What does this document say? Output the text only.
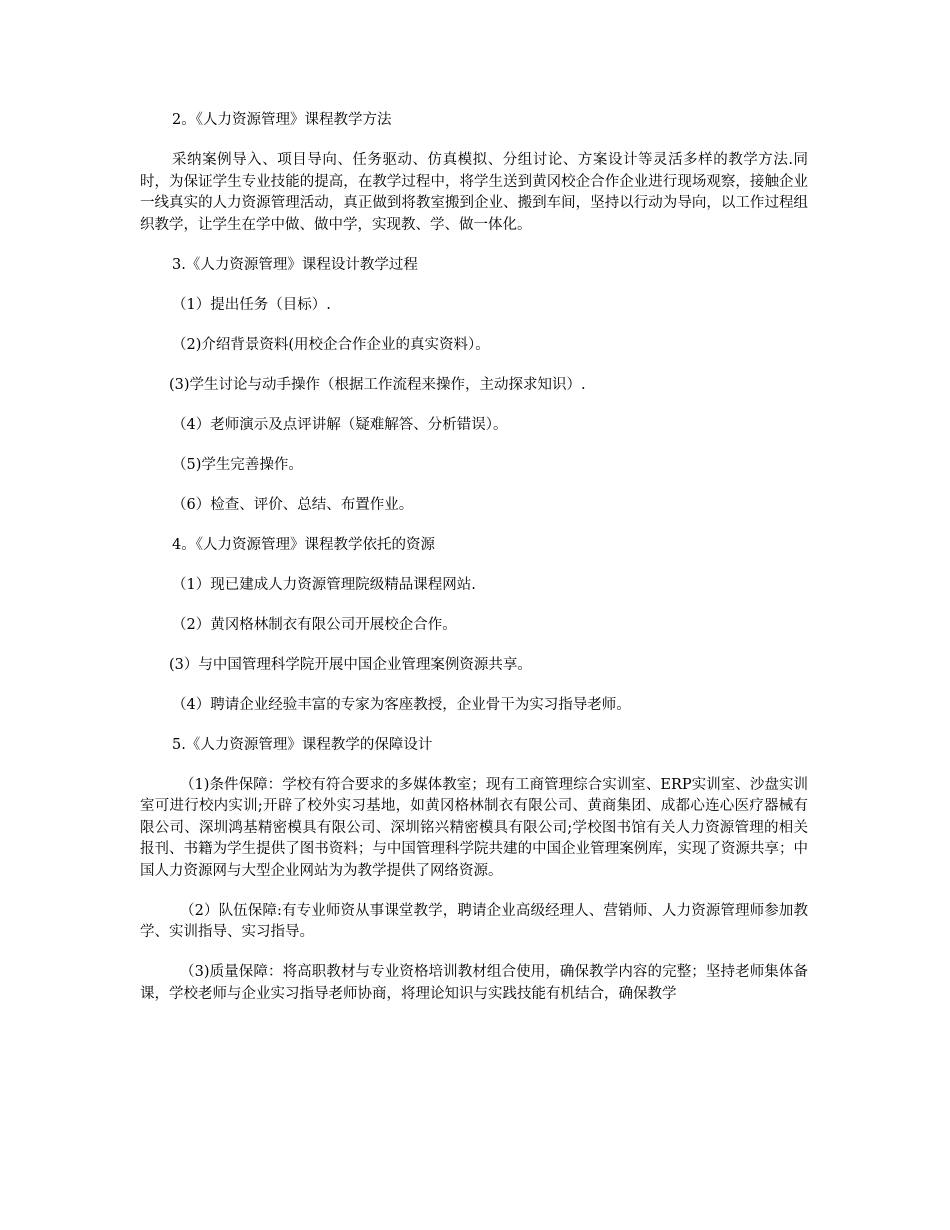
2。《人力资源管理》课程教学方法

采纳案例导入、项目导向、任务驱动、仿真模拟、分组讨论、方案设计等灵活多样的教学方法.同时，为保证学生专业技能的提高，在教学过程中，将学生送到黄冈校企合作企业进行现场观察，接触企业一线真实的人力资源管理活动，真正做到将教室搬到企业、搬到车间，坚持以行动为导向，以工作过程组织教学，让学生在学中做、做中学，实现教、学、做一体化。

3.《人力资源管理》课程设计教学过程

（1）提出任务（目标）.

（2)介绍背景资料(用校企合作企业的真实资料）。

(3)学生讨论与动手操作（根据工作流程来操作，主动探求知识）.

（4）老师演示及点评讲解（疑难解答、分析错误）。

（5)学生完善操作。

（6）检查、评价、总结、布置作业。

4。《人力资源管理》课程教学依托的资源

（1）现已建成人力资源管理院级精品课程网站.

（2）黄冈格林制衣有限公司开展校企合作。

(3）与中国管理科学院开展中国企业管理案例资源共享。

（4）聘请企业经验丰富的专家为客座教授，企业骨干为实习指导老师。

5.《人力资源管理》课程教学的保障设计

（1)条件保障：学校有符合要求的多媒体教室；现有工商管理综合实训室、ERP实训室、沙盘实训室可进行校内实训;开辟了校外实习基地，如黄冈格林制衣有限公司、黄商集团、成都心连心医疗器械有限公司、深圳鸿基精密模具有限公司、深圳铭兴精密模具有限公司;学校图书馆有关人力资源管理的相关报刊、书籍为学生提供了图书资料；与中国管理科学院共建的中国企业管理案例库，实现了资源共享；中国人力资源网与大型企业网站为为教学提供了网络资源。

（2）队伍保障:有专业师资从事课堂教学，聘请企业高级经理人、营销师、人力资源管理师参加教学、实训指导、实习指导。

（3)质量保障：将高职教材与专业资格培训教材组合使用，确保教学内容的完整；坚持老师集体备课，学校老师与企业实习指导老师协商，将理论知识与实践技能有机结合，确保教学
